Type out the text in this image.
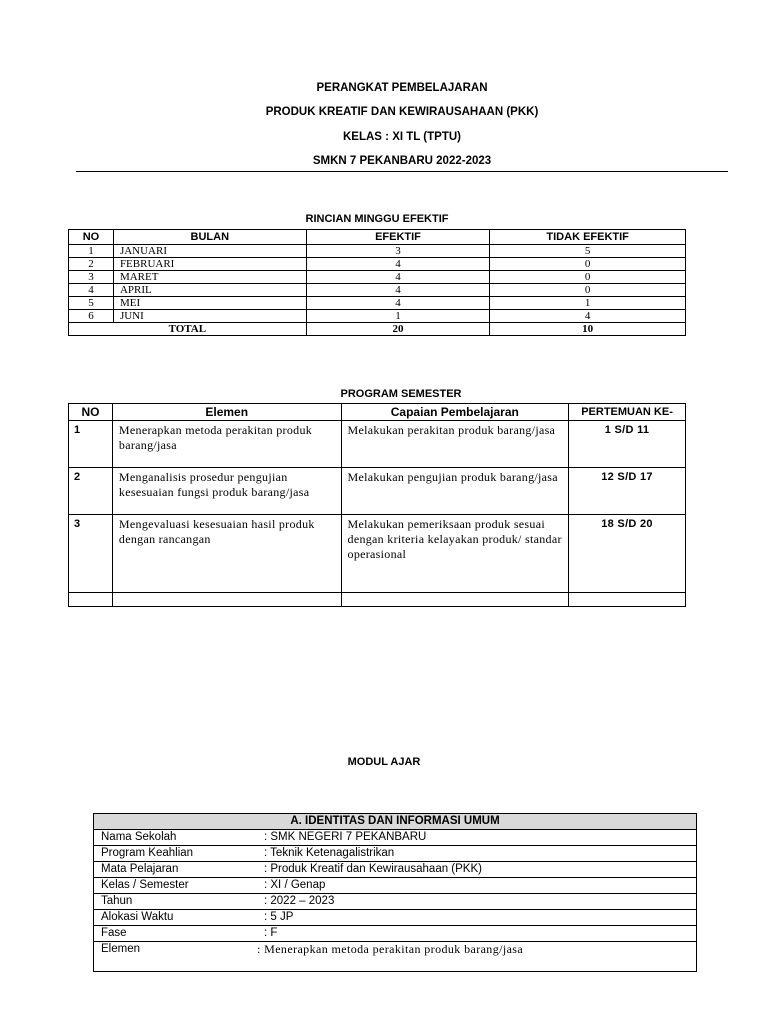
PERANGKAT PEMBELAJARAN
PRODUK KREATIF DAN KEWIRAUSAHAAN (PKK)
KELAS : XI TL (TPTU)
SMKN 7 PEKANBARU 2022-2023
RINCIAN MINGGU EFEKTIF
NO	BULAN	EFEKTIF	TIDAK EFEKTIF
1	JANUARI	3	5
2	FEBRUARI	4	0
3	MARET	4	0
4	APRIL	4	0
5	MEI	4	1
6	JUNI	1	4
TOTAL		20	10
PROGRAM SEMESTER
NO	Elemen	Capaian Pembelajaran	PERTEMUAN KE-
1	Menerapkan metoda perakitan produk barang/jasa	Melakukan perakitan produk barang/jasa	1 S/D 11
2	Menganalisis prosedur pengujian kesesuaian fungsi produk barang/jasa	Melakukan pengujian produk barang/jasa	12 S/D 17
3	Mengevaluasi kesesuaian hasil produk dengan rancangan	Melakukan pemeriksaan produk sesuai dengan kriteria kelayakan produk/ standar operasional	18 S/D 20

MODUL AJAR
A. IDENTITAS DAN INFORMASI UMUM	
Nama Sekolah	: SMK NEGERI 7 PEKANBARU
Program Keahlian	: Teknik Ketenagalistrikan
Mata Pelajaran	: Produk Kreatif dan Kewirausahaan (PKK)
Kelas / Semester	: XI / Genap
Tahun	: 2022 – 2023
Alokasi Waktu	: 5 JP
Fase	: F
Elemen	: Menerapkan metoda perakitan produk barang/jasa
